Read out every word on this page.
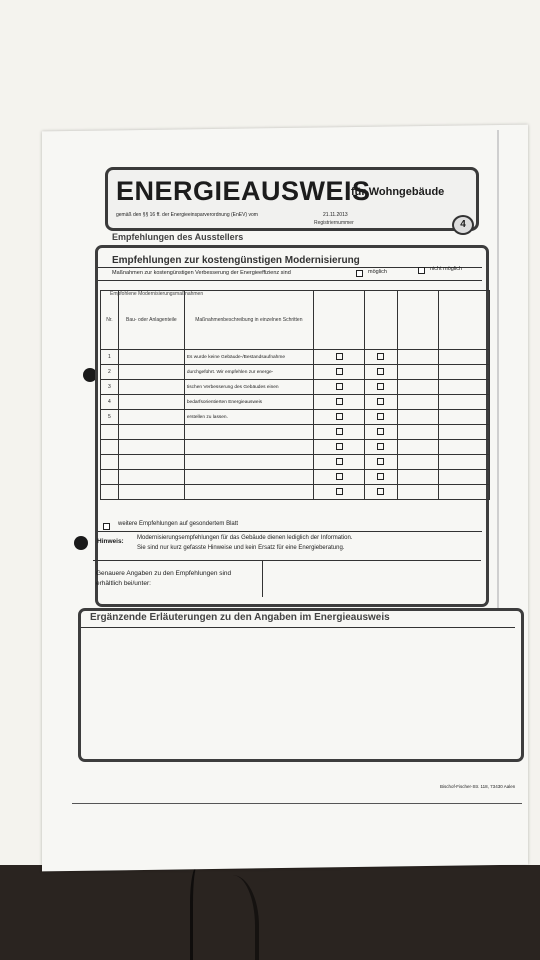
ENERGIEAUSWEIS
für Wohngebäude
gemäß den §§ 16 ff. der Energieeinsparverordnung (EnEV) vom	21.11.2013
Registriernummer	4
Empfehlungen des Ausstellers
Empfehlungen zur kostengünstigen Modernisierung
Maßnahmen zur kostengünstigen Verbesserung der Energieeffizienz sind	möglich	nicht möglich
Empfohlene Modernisierungsmaßnahmen
Nr.	Bau- oder Anlagenteile	Maßnahmenbeschreibung in einzelnen Schritten				
1		Es wurde keine Gebäude-/Bestandsaufnahme				
2		durchgeführt. Wir empfehlen zur energe-				
3		tischen Verbesserung des Gebäudes einen				
4		bedarfsorientierten Energieausweis				
5		erstellen zu lassen.				

weitere Empfehlungen auf gesondertem Blatt
Hinweis: Modernisierungsempfehlungen für das Gebäude dienen lediglich der Information.
Sie sind nur kurz gefasste Hinweise und kein Ersatz für eine Energieberatung.
Genauere Angaben zu den Empfehlungen sind
erhältlich bei/unter:
Ergänzende Erläuterungen zu den Angaben im Energieausweis
Bischof-Fischer-Str. 118, 73430 Aalen
